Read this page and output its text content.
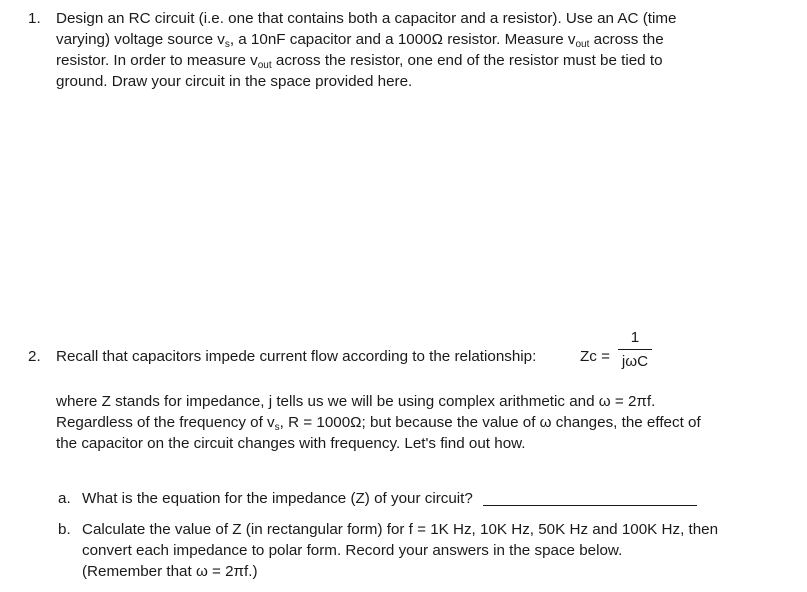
1. Design an RC circuit (i.e. one that contains both a capacitor and a resistor). Use an AC (time
varying) voltage source $v_s$, a 10nF capacitor and a 1000Ω resistor. Measure $v_{out}$ across the
resistor. In order to measure $v_{out}$ across the resistor, one end of the resistor must be tied to
ground. Draw your circuit in the space provided here.
2. Recall that capacitors impede current flow according to the relationship:	Zc =
1
jωC
where Z stands for impedance, j tells us we will be using complex arithmetic and ω = 2πf.
Regardless of the frequency of $v_s$, R = 1000Ω; but because the value of ω changes, the effect of
the capacitor on the circuit changes with frequency. Let's find out how.
a. What is the equation for the impedance (Z) of your circuit?
b. Calculate the value of Z (in rectangular form) for f = 1K Hz, 10K Hz, 50K Hz and 100K Hz, then
convert each impedance to polar form. Record your answers in the space below.
(Remember that ω = 2πf.)
